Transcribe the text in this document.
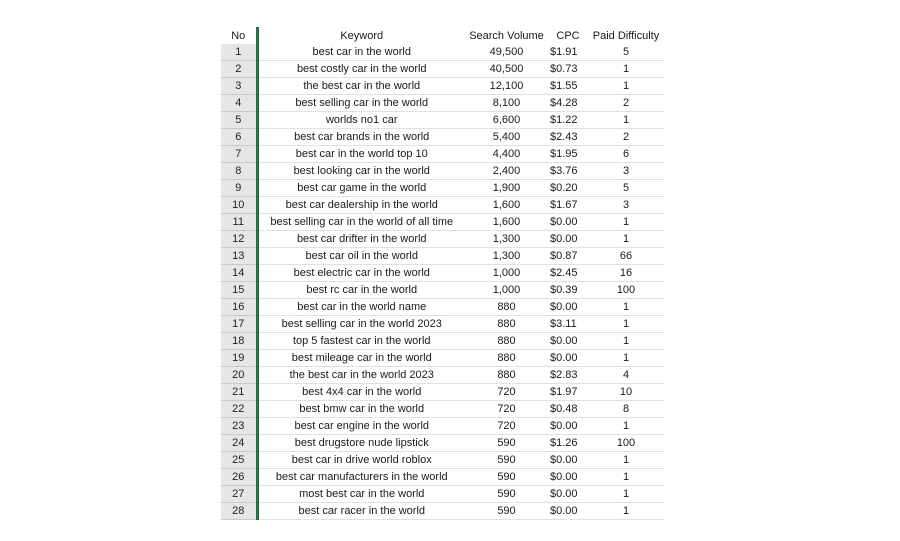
No	Keyword	Search Volume	CPC	Paid Difficulty
1	best car in the world	49,500	$1.91	5
2	best costly car in the world	40,500	$0.73	1
3	the best car in the world	12,100	$1.55	1
4	best selling car in the world	8,100	$4.28	2
5	worlds no1 car	6,600	$1.22	1
6	best car brands in the world	5,400	$2.43	2
7	best car in the world top 10	4,400	$1.95	6
8	best looking car in the world	2,400	$3.76	3
9	best car game in the world	1,900	$0.20	5
10	best car dealership in the world	1,600	$1.67	3
11	best selling car in the world of all time	1,600	$0.00	1
12	best car drifter in the world	1,300	$0.00	1
13	best car oil in the world	1,300	$0.87	66
14	best electric car in the world	1,000	$2.45	16
15	best rc car in the world	1,000	$0.39	100
16	best car in the world name	880	$0.00	1
17	best selling car in the world 2023	880	$3.11	1
18	top 5 fastest car in the world	880	$0.00	1
19	best mileage car in the world	880	$0.00	1
20	the best car in the world 2023	880	$2.83	4
21	best 4x4 car in the world	720	$1.97	10
22	best bmw car in the world	720	$0.48	8
23	best car engine in the world	720	$0.00	1
24	best drugstore nude lipstick	590	$1.26	100
25	best car in drive world roblox	590	$0.00	1
26	best car manufacturers in the world	590	$0.00	1
27	most best car in the world	590	$0.00	1
28	best car racer in the world	590	$0.00	1
